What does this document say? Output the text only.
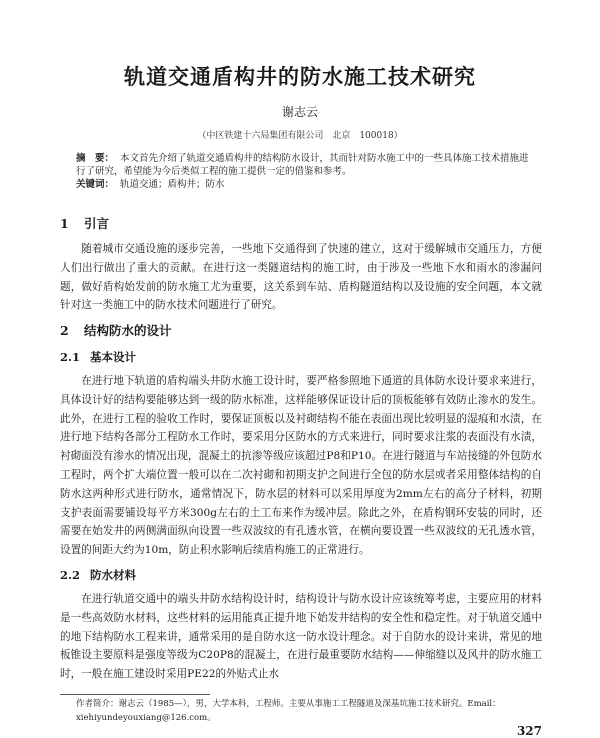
轨道交通盾构井的防水施工技术研究
谢志云
（中区铁建十六局集团有限公司　北京　100018）

摘　要： 本文首先介绍了轨道交通盾构井的结构防水设计，其而针对防水施工中的一些具体施工技术措施进行了研究，希望能为今后类似工程的施工提供一定的借鉴和参考。

关键词： 轨道交通；盾构井；防水

1 引言

随着城市交通设施的逐步完善，一些地下交通得到了快速的建立，这对于缓解城市交通压力，方便人们出行做出了重大的贡献。在进行这一类隧道结构的施工时，由于涉及一些地下水和雨水的渗漏问题，做好盾构始发前的防水施工尤为重要，这关系到车站、盾构隧道结构以及设施的安全问题，本文就针对这一类施工中的防水技术问题进行了研究。

2 结构防水的设计
2.1 基本设计

在进行地下轨道的盾构端头井防水施工设计时，要严格参照地下通道的具体防水设计要求来进行，具体设计好的结构要能够达到一级的防水标准，这样能够保证设计后的顶板能够有效防止渗水的发生。此外，在进行工程的验收工作时，要保证顶板以及衬砌结构不能在表面出现比较明显的湿痕和水渍，在进行地下结构各部分工程防水工作时，要采用分区防水的方式来进行，同时要求注浆的表面没有水渍，衬砌面没有渗水的情况出现，混凝土的抗渗等级应该超过P8和P10。在进行隧道与车站接缝的外包防水工程时，两个扩大端位置一般可以在二次衬砌和初期支护之间进行全包的防水层或者采用整体结构的自防水这两种形式进行防水，通常情况下，防水层的材料可以采用厚度为2mm左右的高分子材料，初期支护表面需要铺设每平方米300g左右的土工布来作为缓冲层。除此之外，在盾构钢环安装的同时，还需要在始发井的两侧满面纵向设置一些双波纹的有孔透水管，在横向要设置一些双波纹的无孔透水管，设置的间距大约为10m，防止积水影响后续盾构施工的正常进行。

2.2 防水材料

在进行轨道交通中的端头井防水结构设计时，结构设计与防水设计应该统筹考虑，主要应用的材料是一些高效防水材料，这些材料的运用能真正提升地下始发井结构的安全性和稳定性。对于轨道交通中的地下结构防水工程来讲，通常采用的是自防水这一防水设计理念。对于自防水的设计来讲，常见的地板锥设主要原料是强度等级为C20P8的混凝土，在进行最重要防水结构——伸缩缝以及风井的防水施工时，一般在施工建设时采用PE22的外贴式止水

作者简介：谢志云（1985—），男，大学本科，工程师。主要从事施工工程隧道及深基坑施工技术研究。Email：xiehiyundeyouxiang@126.com。
327
